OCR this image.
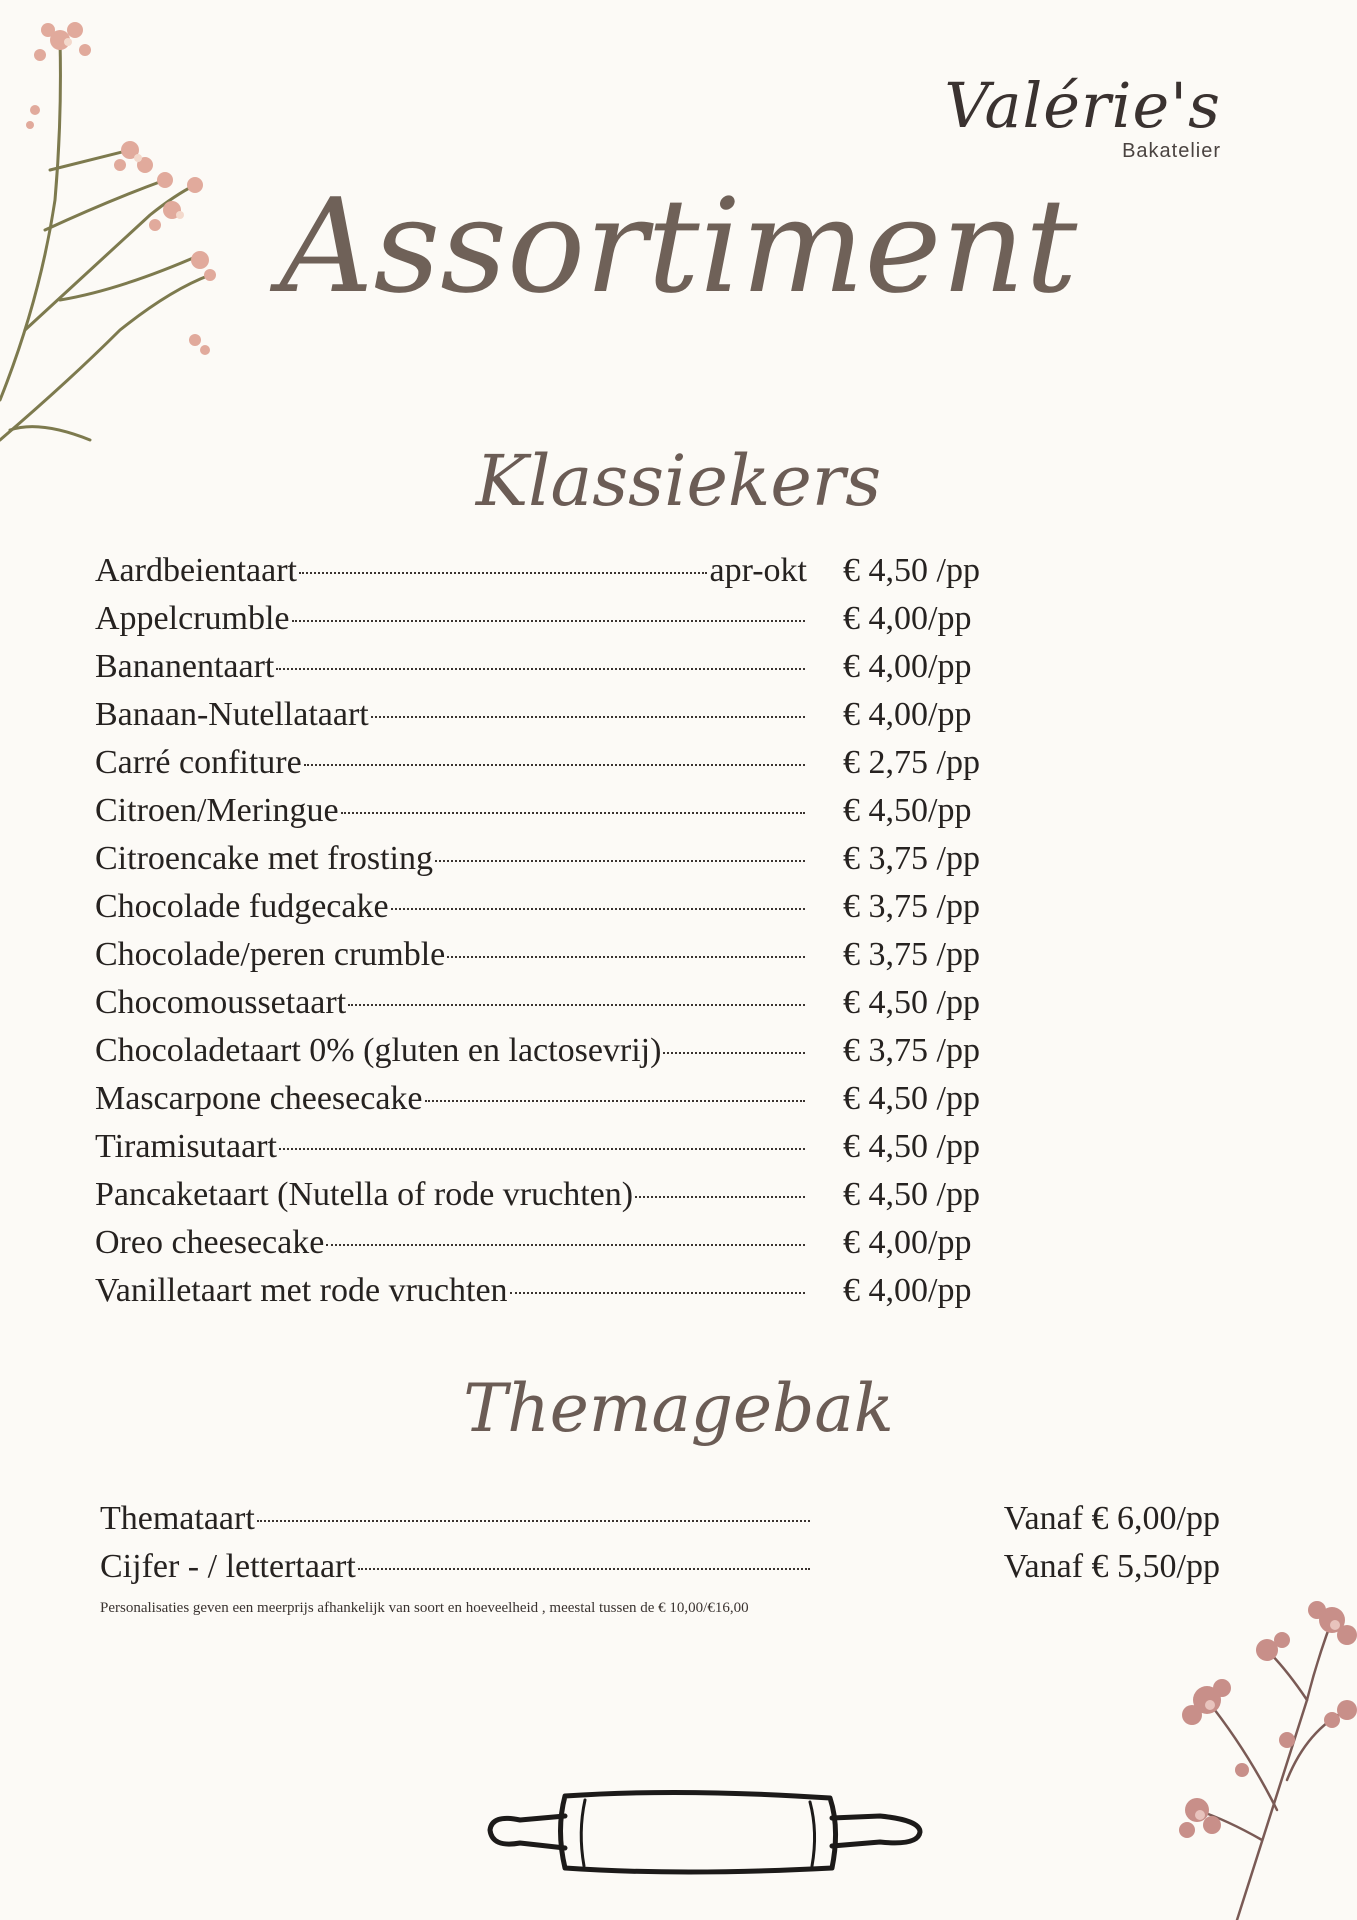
Valérie's
Bakatelier
Assortiment
Klassiekers
Aardbeientaart	apr-okt € 4,50 /pp
Appelcrumble	€ 4,00/pp
Bananentaart	€ 4,00/pp
Banaan-Nutellataart	€ 4,00/pp
Carré confiture	€ 2,75 /pp
Citroen/Meringue	€ 4,50/pp
Citroencake met frosting	€ 3,75 /pp
Chocolade fudgecake	€ 3,75 /pp
Chocolade/peren crumble	€ 3,75 /pp
Chocomoussetaart	€ 4,50 /pp
Chocoladetaart 0% (gluten en lactosevrij)	€ 3,75 /pp
Mascarpone cheesecake	€ 4,50 /pp
Tiramisutaart	€ 4,50 /pp
Pancaketaart (Nutella of rode vruchten)	€ 4,50 /pp
Oreo cheesecake	€ 4,00/pp
Vanilletaart met rode vruchten	€ 4,00/pp
Themagebak
Themataart	Vanaf € 6,00/pp
Cijfer - / lettertaart	Vanaf € 5,50/pp
Personalisaties geven een meerprijs afhankelijk van soort en hoeveelheid , meestal tussen de € 10,00/€16,00
